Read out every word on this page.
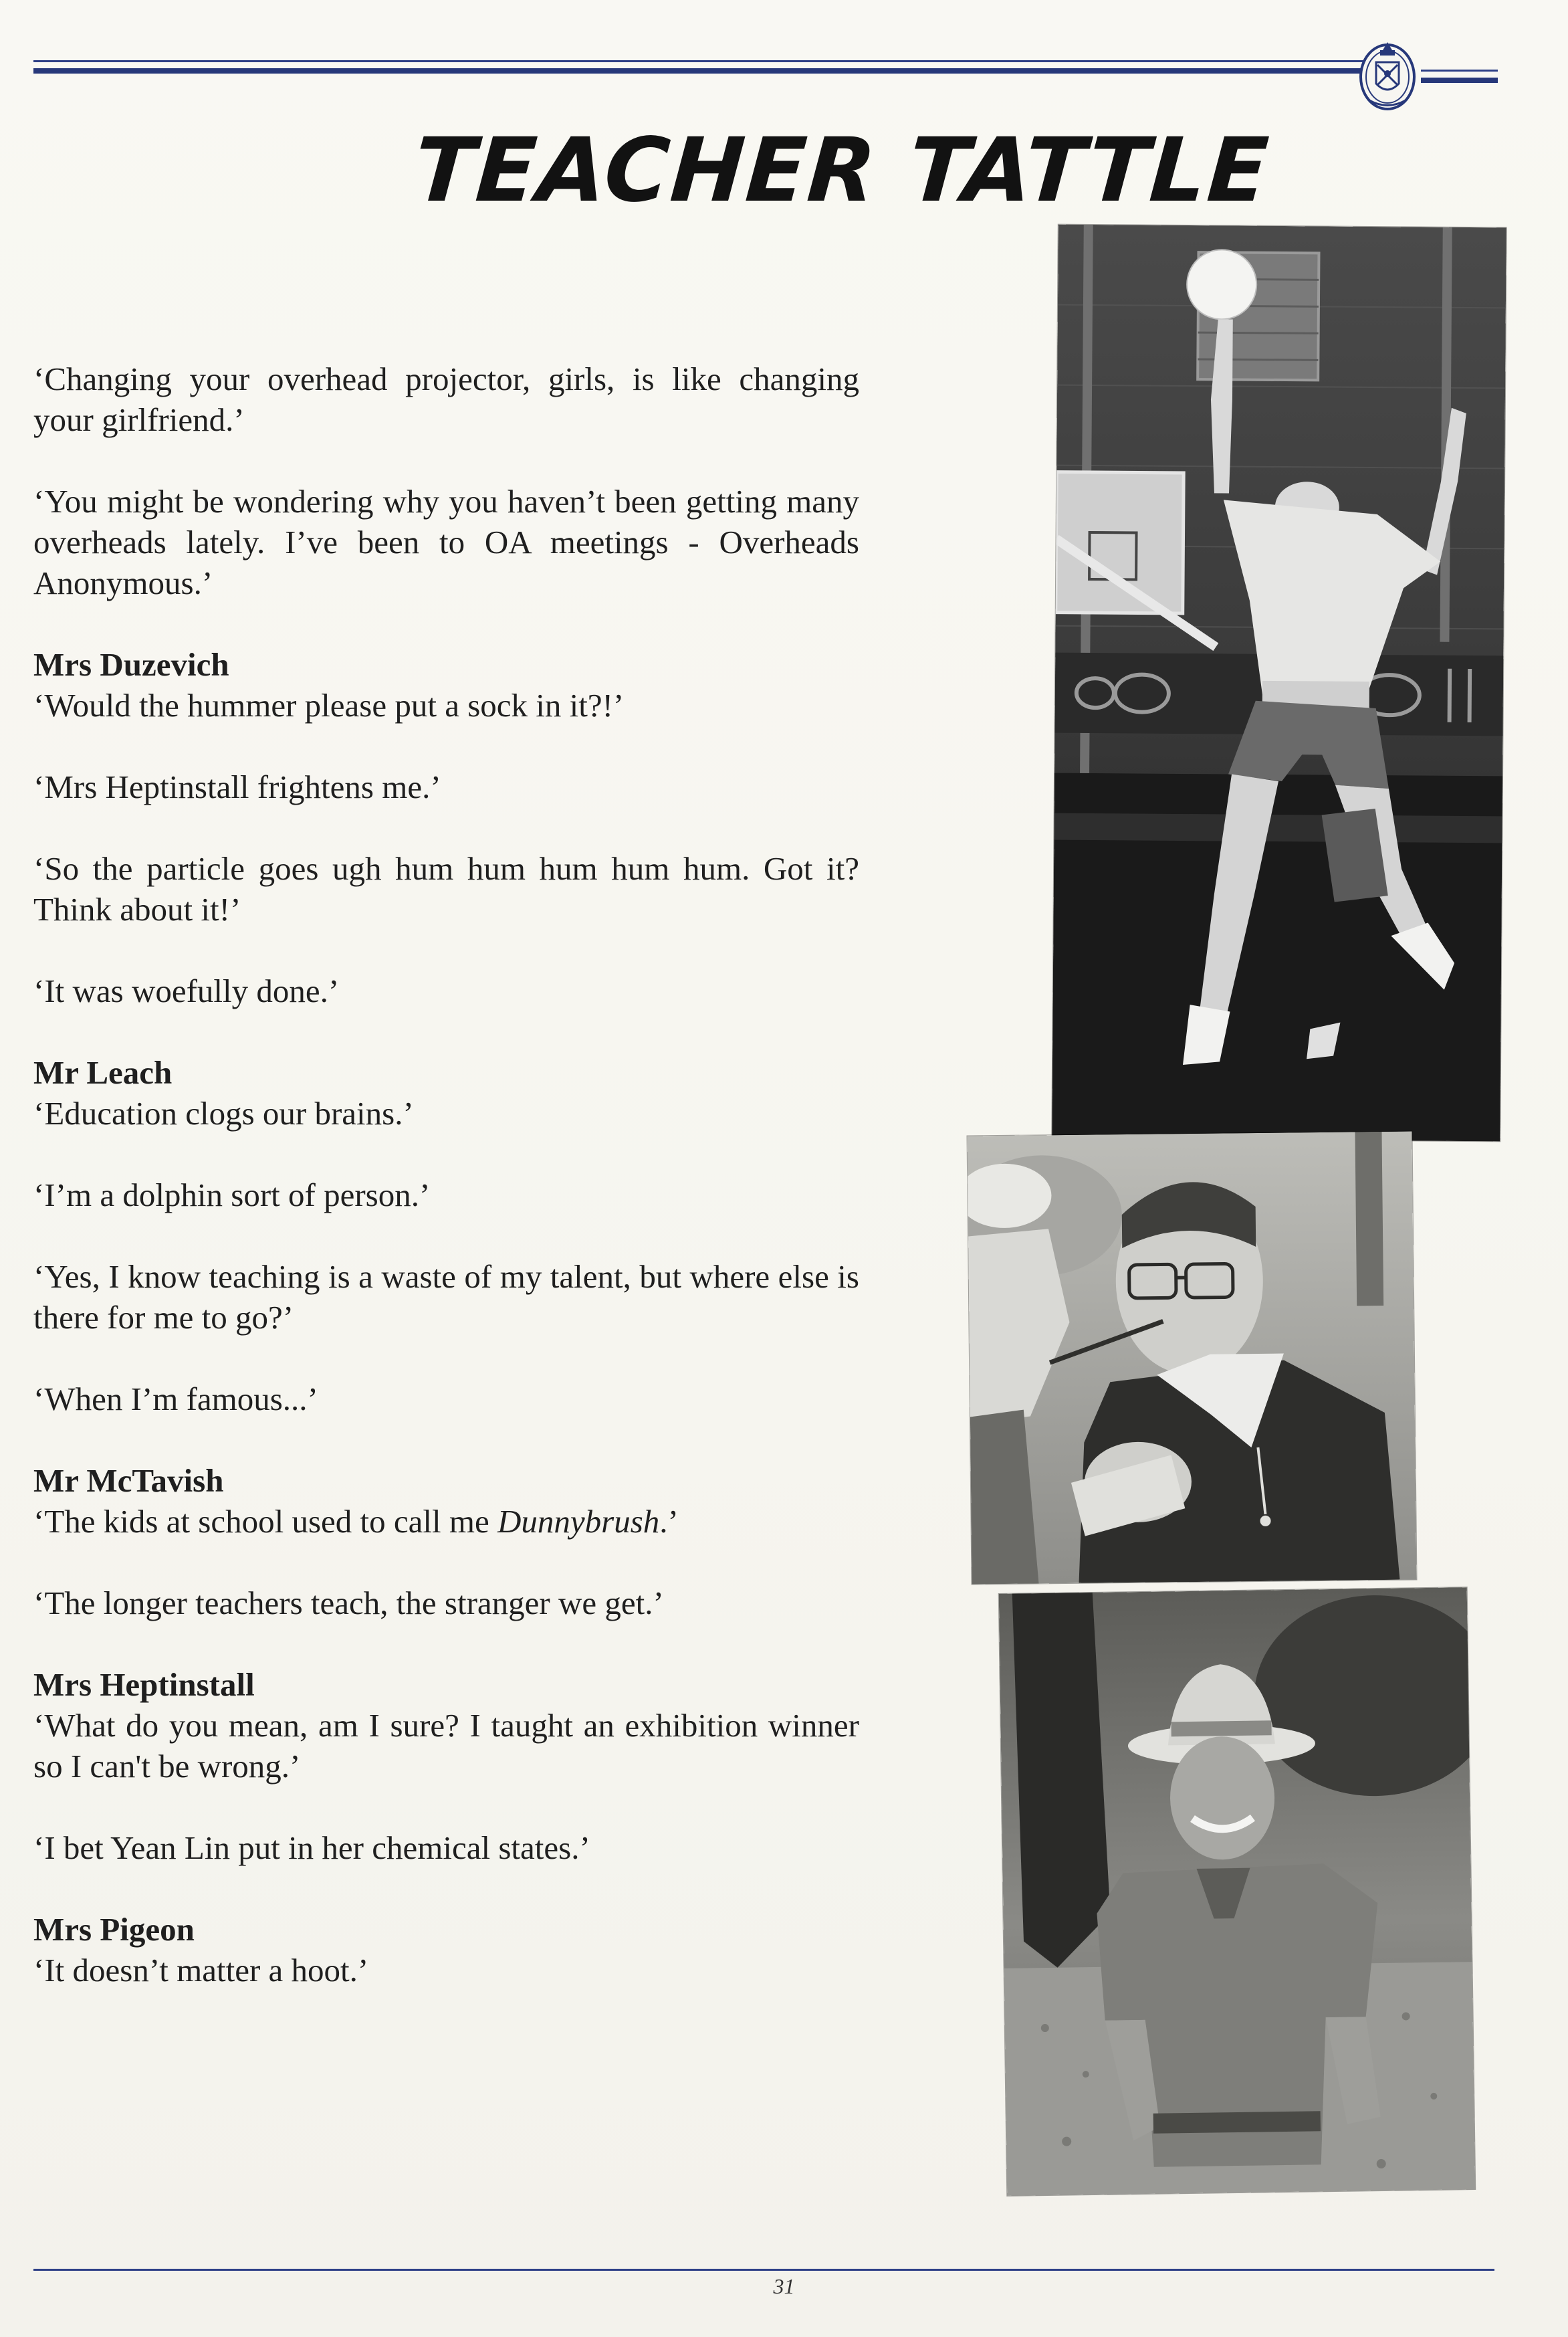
TEACHER TATTLE

‘Changing your overhead projector, girls, is like changing your girlfriend.’

‘You might be wondering why you haven’t been getting many overheads lately. I’ve been to OA meetings - Overheads Anonymous.’

Mrs Duzevich

‘Would the hummer please put a sock in it?!’

‘Mrs Heptinstall frightens me.’

‘So the particle goes ugh hum hum hum hum hum. Got it? Think about it!’

‘It was woefully done.’

Mr Leach

‘Education clogs our brains.’

‘I’m a dolphin sort of person.’

‘Yes, I know teaching is a waste of my talent, but where else is there for me to go?’

‘When I’m famous...’

Mr McTavish

‘The kids at school used to call me Dunnybrush.’

‘The longer teachers teach, the stranger we get.’

Mrs Heptinstall

‘What do you mean, am I sure? I taught an exhibition winner so I can't be wrong.’

‘I bet Yean Lin put in her chemical states.’

Mrs Pigeon

‘It doesn’t matter a hoot.’

31
